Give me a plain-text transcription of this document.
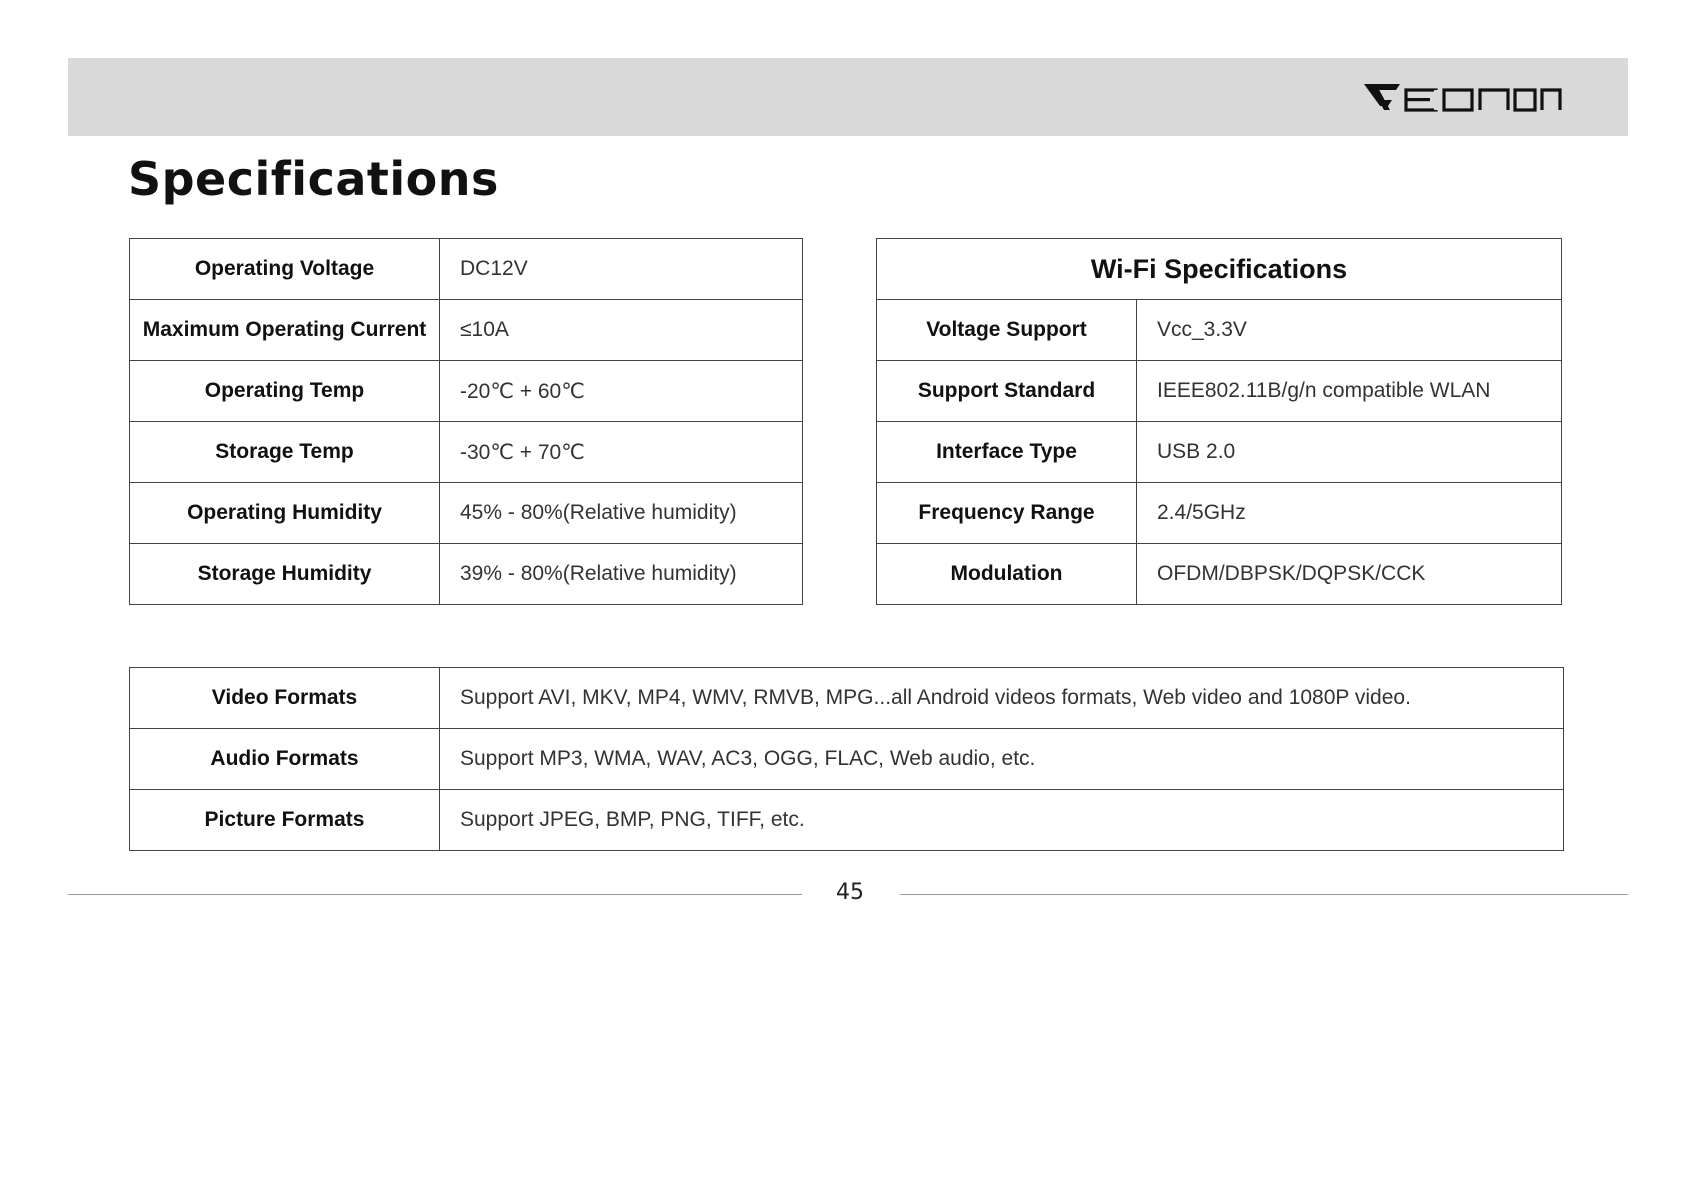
Specifications
Operating Voltage	DC12V
Maximum Operating Current	≤10A
Operating Temp	-20℃ + 60℃
Storage Temp	-30℃ + 70℃
Operating Humidity	45% - 80%(Relative humidity)
Storage Humidity	39% - 80%(Relative humidity)
Wi-Fi Specifications	
Voltage Support	Vcc_3.3V
Support Standard	IEEE802.11B/g/n compatible WLAN
Interface Type	USB 2.0
Frequency Range	2.4/5GHz
Modulation	OFDM/DBPSK/DQPSK/CCK
Video Formats	Support AVI, MKV, MP4, WMV, RMVB, MPG...all Android videos formats, Web video and 1080P video.
Audio Formats	Support MP3, WMA, WAV, AC3, OGG, FLAC, Web audio, etc.
Picture Formats	Support JPEG, BMP, PNG, TIFF, etc.
45
